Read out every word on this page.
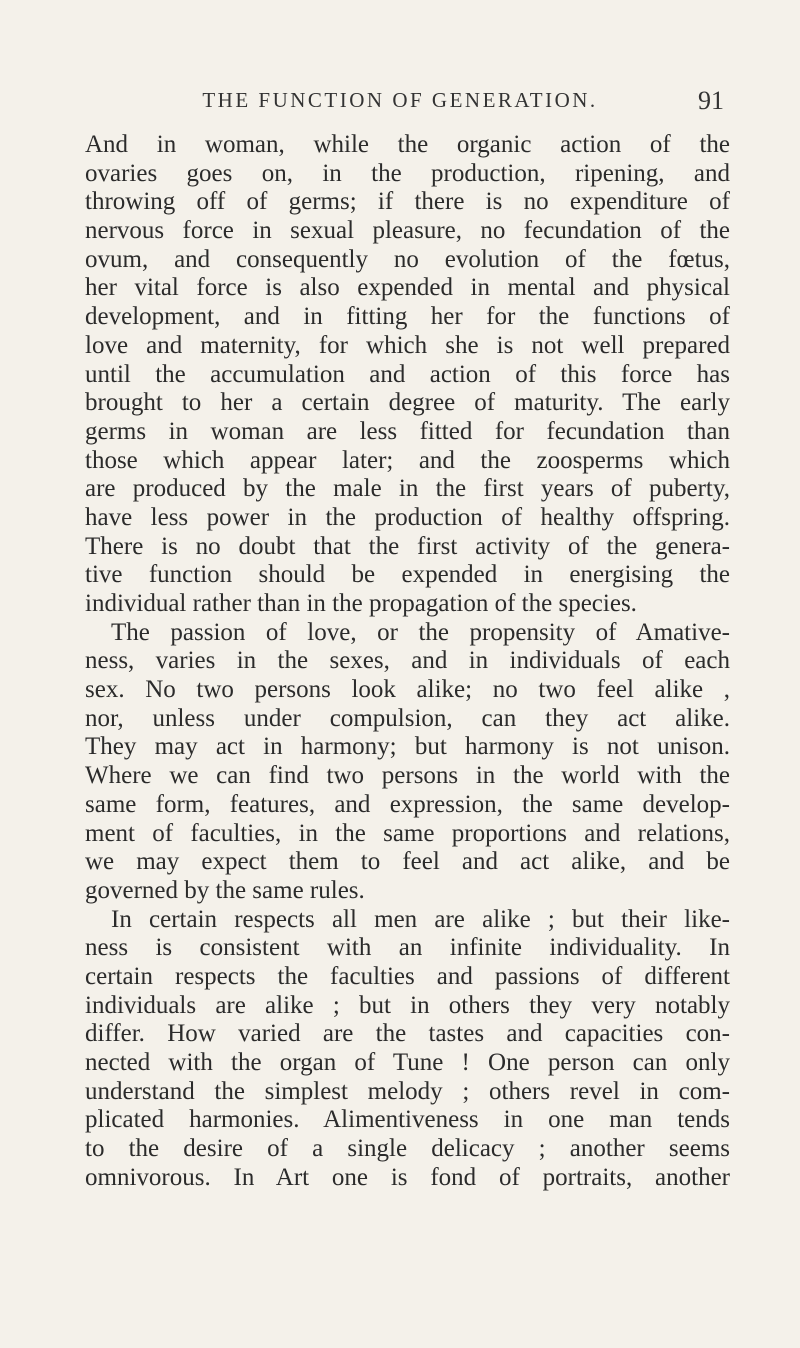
THE FUNCTION OF GENERATION.	91
And in woman, while the organic action of the
ovaries goes on, in the production, ripening, and
throwing off of germs; if there is no expenditure of
nervous force in sexual pleasure, no fecundation of the
ovum, and consequently no evolution of the fœtus,
her vital force is also expended in mental and physical
development, and in fitting her for the functions of
love and maternity, for which she is not well prepared
until the accumulation and action of this force has
brought to her a certain degree of maturity. The early
germs in woman are less fitted for fecundation than
those which appear later; and the zoosperms which
are produced by the male in the first years of puberty,
have less power in the production of healthy offspring.
There is no doubt that the first activity of the genera-
tive function should be expended in energising the
individual rather than in the propagation of the species.
The passion of love, or the propensity of Amative-
ness, varies in the sexes, and in individuals of each
sex. No two persons look alike; no two feel alike ,
nor, unless under compulsion, can they act alike.
They may act in harmony; but harmony is not unison.
Where we can find two persons in the world with the
same form, features, and expression, the same develop-
ment of faculties, in the same proportions and relations,
we may expect them to feel and act alike, and be
governed by the same rules.
In certain respects all men are alike ; but their like-
ness is consistent with an infinite individuality. In
certain respects the faculties and passions of different
individuals are alike ; but in others they very notably
differ. How varied are the tastes and capacities con-
nected with the organ of Tune ! One person can only
understand the simplest melody ; others revel in com-
plicated harmonies. Alimentiveness in one man tends
to the desire of a single delicacy ; another seems
omnivorous. In Art one is fond of portraits, another
